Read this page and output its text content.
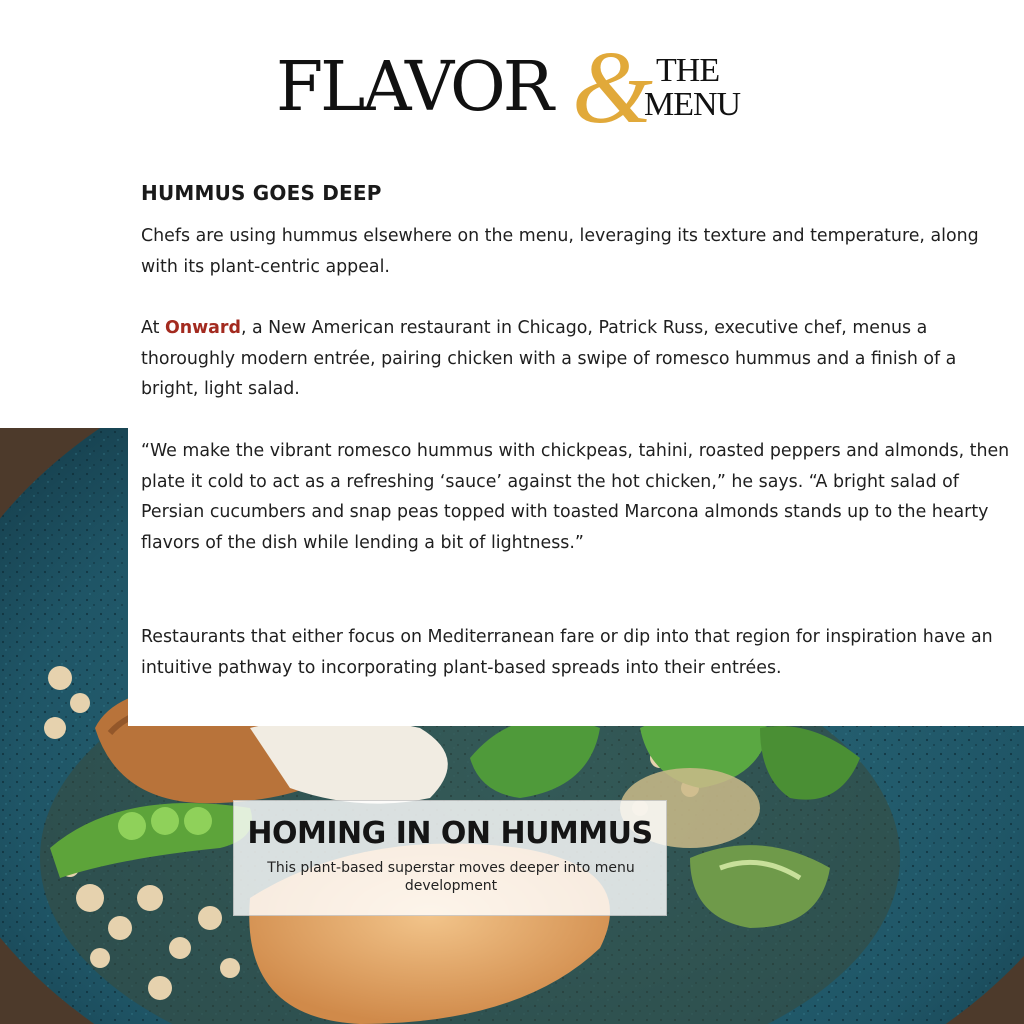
FLAVOR & THE
MENU
HUMMUS GOES DEEP

Chefs are using hummus elsewhere on the menu, leveraging its texture and temperature, along with its plant-centric appeal.

At Onward, a New American restaurant in Chicago, Patrick Russ, executive chef, menus a thoroughly modern entrée, pairing chicken with a swipe of romesco hummus and a finish of a bright, light salad.

“We make the vibrant romesco hummus with chickpeas, tahini, roasted peppers and almonds, then plate it cold to act as a refreshing ‘sauce’ against the hot chicken,” he says. “A bright salad of Persian cucumbers and snap peas topped with toasted Marcona almonds stands up to the hearty flavors of the dish while lending a bit of lightness.”

Restaurants that either focus on Mediterranean fare or dip into that region for inspiration have an intuitive pathway to incorporating plant-based spreads into their entrées.

HOMING IN ON HUMMUS
This plant-based superstar moves deeper into menu development
